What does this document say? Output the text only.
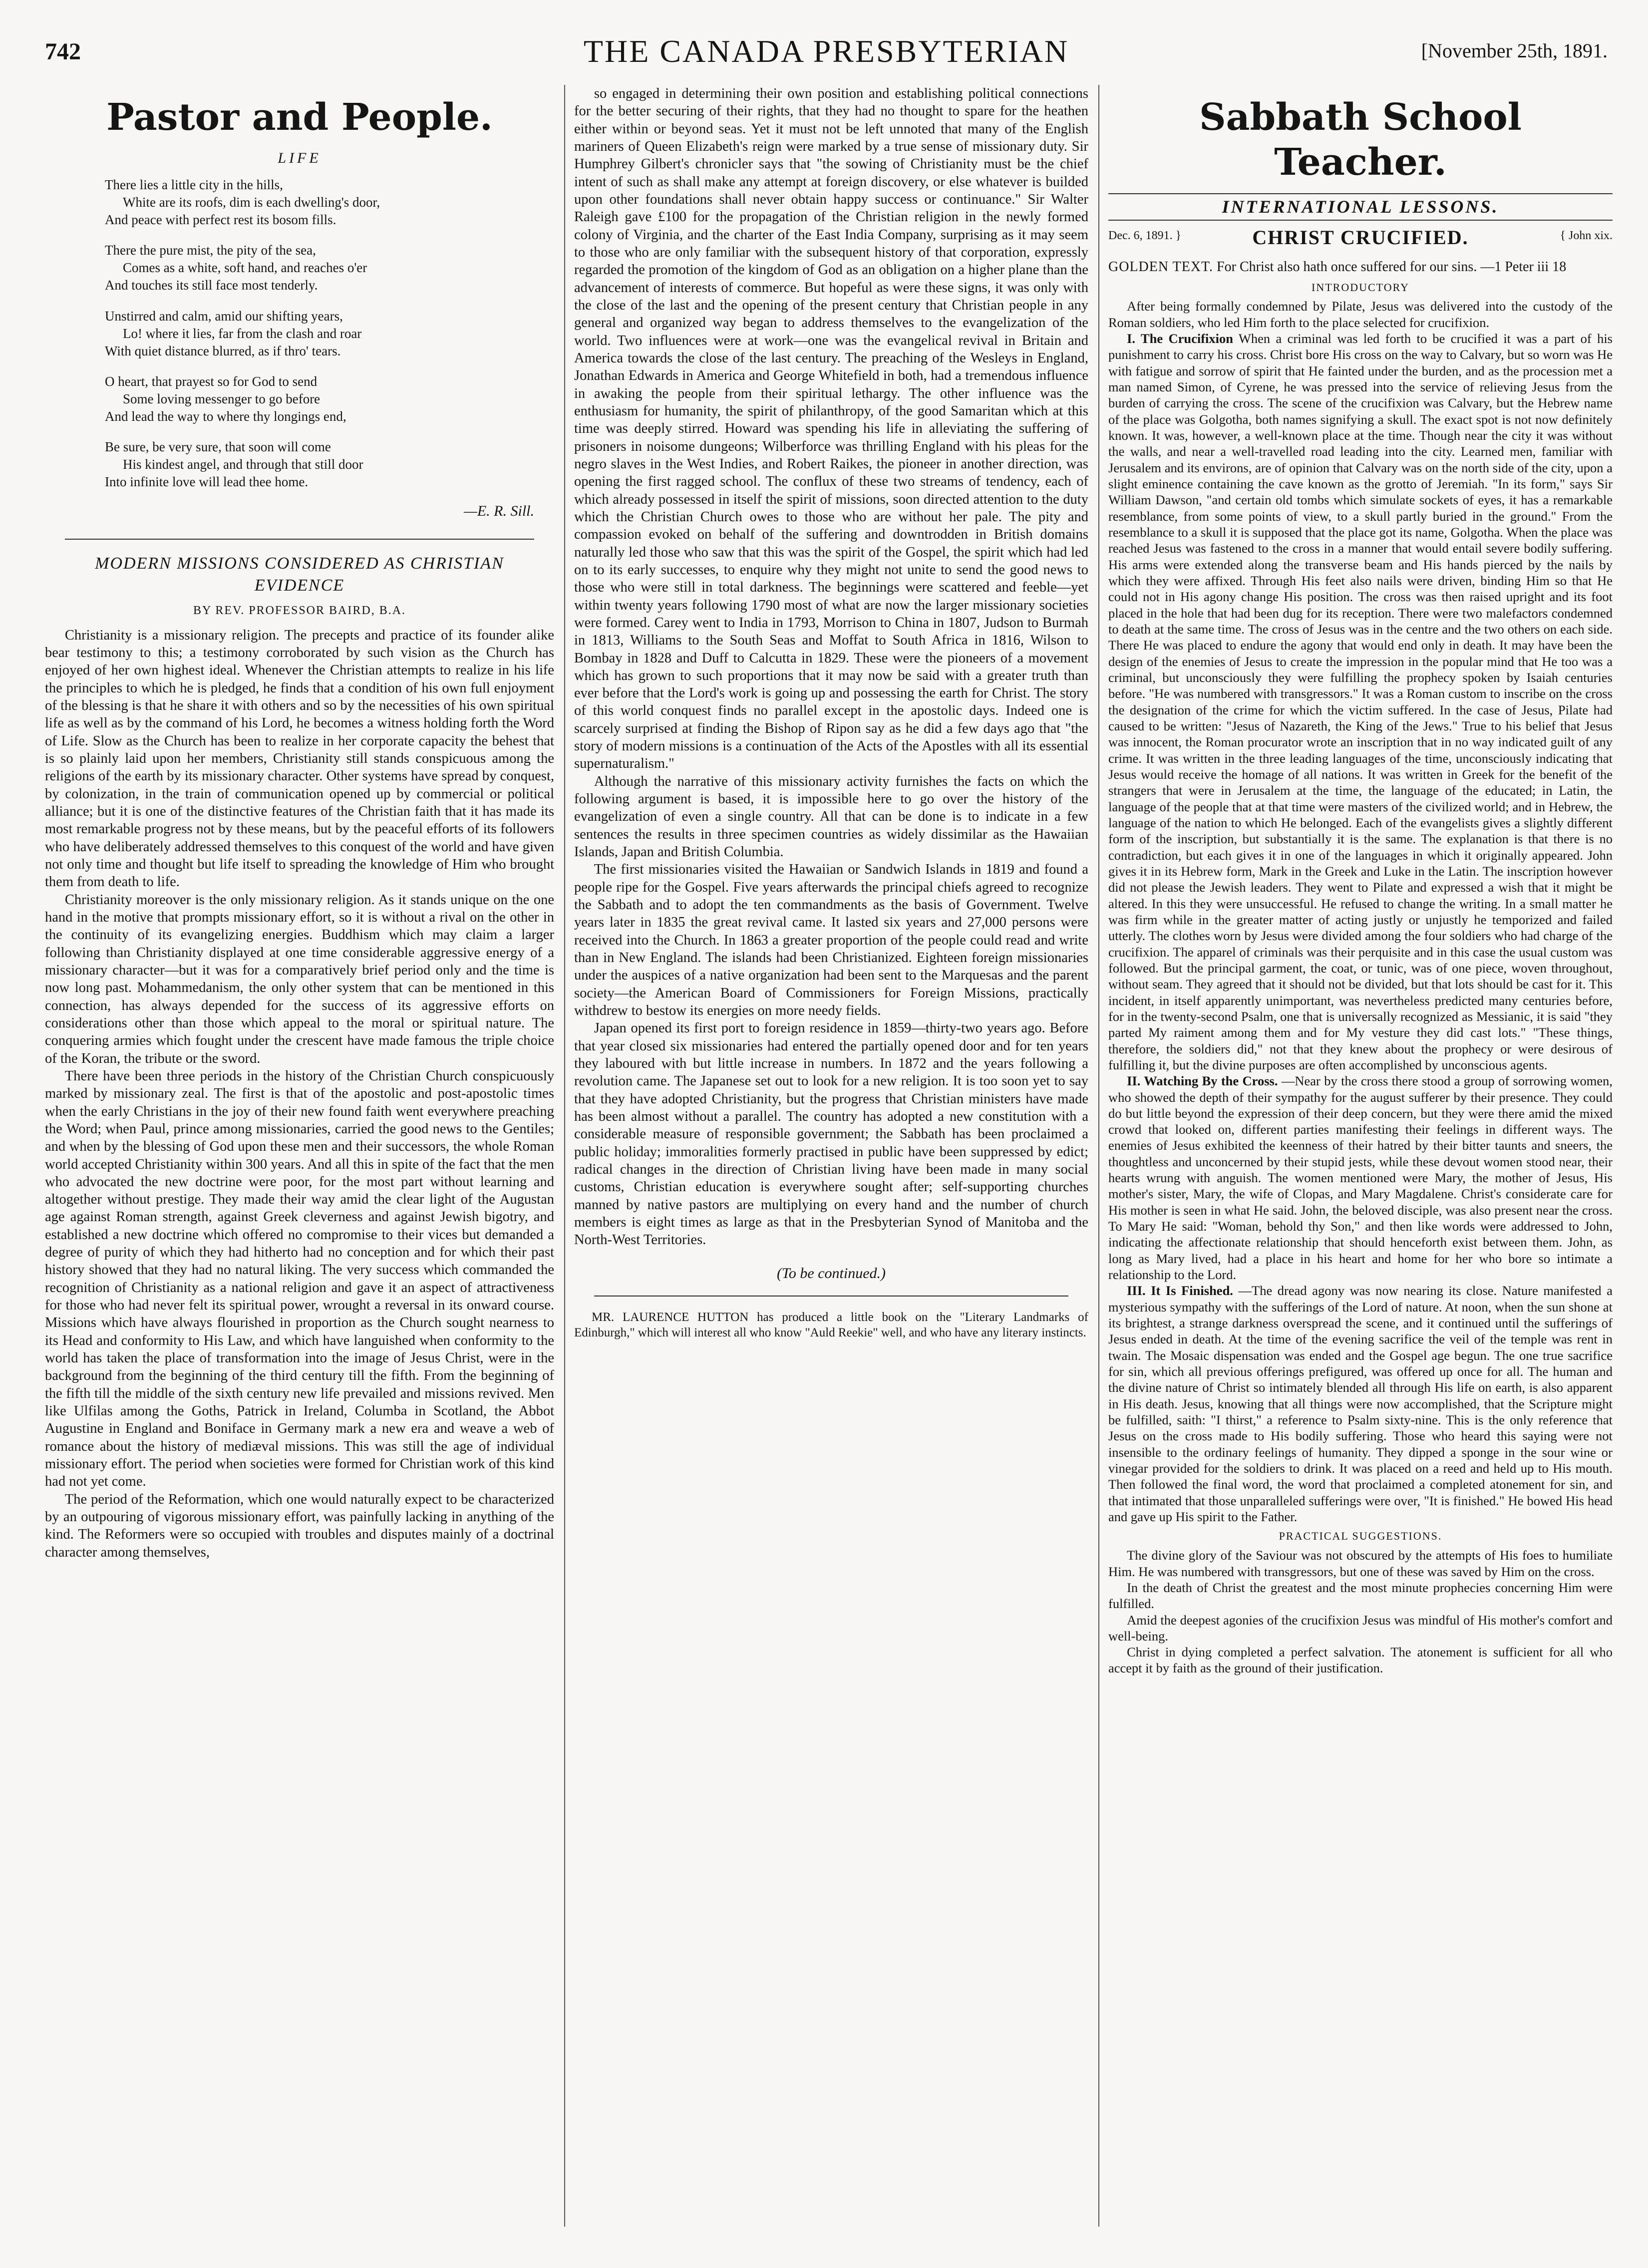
742	THE CANADA PRESBYTERIAN	[November 25th, 1891.
Pastor and People.
LIFE
There lies a little city in the hills,
White are its roofs, dim is each dwelling's door,
And peace with perfect rest its bosom fills.
There the pure mist, the pity of the sea,
Comes as a white, soft hand, and reaches o'er
And touches its still face most tenderly.
Unstirred and calm, amid our shifting years,
Lo! where it lies, far from the clash and roar
With quiet distance blurred, as if thro' tears.
O heart, that prayest so for God to send
Some loving messenger to go before
And lead the way to where thy longings end,
Be sure, be very sure, that soon will come
His kindest angel, and through that still door
Into infinite love will lead thee home.
—E. R. Sill.
MODERN MISSIONS CONSIDERED AS CHRISTIAN EVIDENCE
BY REV. PROFESSOR BAIRD, B.A.

Christianity is a missionary religion. The precepts and practice of its founder alike bear testimony to this; a testimony corroborated by such vision as the Church has enjoyed of her own highest ideal. Whenever the Christian attempts to realize in his life the principles to which he is pledged, he finds that a condition of his own full enjoyment of the blessing is that he share it with others and so by the necessities of his own spiritual life as well as by the command of his Lord, he becomes a witness holding forth the Word of Life. Slow as the Church has been to realize in her corporate capacity the behest that is so plainly laid upon her members, Christianity still stands conspicuous among the religions of the earth by its missionary character. Other systems have spread by conquest, by colonization, in the train of communication opened up by commercial or political alliance; but it is one of the distinctive features of the Christian faith that it has made its most remarkable progress not by these means, but by the peaceful efforts of its followers who have deliberately addressed themselves to this conquest of the world and have given not only time and thought but life itself to spreading the knowledge of Him who brought them from death to life.

Christianity moreover is the only missionary religion. As it stands unique on the one hand in the motive that prompts missionary effort, so it is without a rival on the other in the continuity of its evangelizing energies. Buddhism which may claim a larger following than Christianity displayed at one time considerable aggressive energy of a missionary character—but it was for a comparatively brief period only and the time is now long past. Mohammedanism, the only other system that can be mentioned in this connection, has always depended for the success of its aggressive efforts on considerations other than those which appeal to the moral or spiritual nature. The conquering armies which fought under the crescent have made famous the triple choice of the Koran, the tribute or the sword.

There have been three periods in the history of the Christian Church conspicuously marked by missionary zeal. The first is that of the apostolic and post-apostolic times when the early Christians in the joy of their new found faith went everywhere preaching the Word; when Paul, prince among missionaries, carried the good news to the Gentiles; and when by the blessing of God upon these men and their successors, the whole Roman world accepted Christianity within 300 years. And all this in spite of the fact that the men who advocated the new doctrine were poor, for the most part without learning and altogether without prestige. They made their way amid the clear light of the Augustan age against Roman strength, against Greek cleverness and against Jewish bigotry, and established a new doctrine which offered no compromise to their vices but demanded a degree of purity of which they had hitherto had no conception and for which their past history showed that they had no natural liking. The very success which commanded the recognition of Christianity as a national religion and gave it an aspect of attractiveness for those who had never felt its spiritual power, wrought a reversal in its onward course. Missions which have always flourished in proportion as the Church sought nearness to its Head and conformity to His Law, and which have languished when conformity to the world has taken the place of transformation into the image of Jesus Christ, were in the background from the beginning of the third century till the fifth. From the beginning of the fifth till the middle of the sixth century new life prevailed and missions revived. Men like Ulfilas among the Goths, Patrick in Ireland, Columba in Scotland, the Abbot Augustine in England and Boniface in Germany mark a new era and weave a web of romance about the history of mediæval missions. This was still the age of individual missionary effort. The period when societies were formed for Christian work of this kind had not yet come.

The period of the Reformation, which one would naturally expect to be characterized by an outpouring of vigorous missionary effort, was painfully lacking in anything of the kind. The Reformers were so occupied with troubles and disputes mainly of a doctrinal character among themselves,

so engaged in determining their own position and establishing political connections for the better securing of their rights, that they had no thought to spare for the heathen either within or beyond seas. Yet it must not be left unnoted that many of the English mariners of Queen Elizabeth's reign were marked by a true sense of missionary duty. Sir Humphrey Gilbert's chronicler says that "the sowing of Christianity must be the chief intent of such as shall make any attempt at foreign discovery, or else whatever is builded upon other foundations shall never obtain happy success or continuance." Sir Walter Raleigh gave £100 for the propagation of the Christian religion in the newly formed colony of Virginia, and the charter of the East India Company, surprising as it may seem to those who are only familiar with the subsequent history of that corporation, expressly regarded the promotion of the kingdom of God as an obligation on a higher plane than the advancement of interests of commerce. But hopeful as were these signs, it was only with the close of the last and the opening of the present century that Christian people in any general and organized way began to address themselves to the evangelization of the world. Two influences were at work—one was the evangelical revival in Britain and America towards the close of the last century. The preaching of the Wesleys in England, Jonathan Edwards in America and George Whitefield in both, had a tremendous influence in awaking the people from their spiritual lethargy. The other influence was the enthusiasm for humanity, the spirit of philanthropy, of the good Samaritan which at this time was deeply stirred. Howard was spending his life in alleviating the suffering of prisoners in noisome dungeons; Wilberforce was thrilling England with his pleas for the negro slaves in the West Indies, and Robert Raikes, the pioneer in another direction, was opening the first ragged school. The conflux of these two streams of tendency, each of which already possessed in itself the spirit of missions, soon directed attention to the duty which the Christian Church owes to those who are without her pale. The pity and compassion evoked on behalf of the suffering and downtrodden in British domains naturally led those who saw that this was the spirit of the Gospel, the spirit which had led on to its early successes, to enquire why they might not unite to send the good news to those who were still in total darkness. The beginnings were scattered and feeble—yet within twenty years following 1790 most of what are now the larger missionary societies were formed. Carey went to India in 1793, Morrison to China in 1807, Judson to Burmah in 1813, Williams to the South Seas and Moffat to South Africa in 1816, Wilson to Bombay in 1828 and Duff to Calcutta in 1829. These were the pioneers of a movement which has grown to such proportions that it may now be said with a greater truth than ever before that the Lord's work is going up and possessing the earth for Christ. The story of this world conquest finds no parallel except in the apostolic days. Indeed one is scarcely surprised at finding the Bishop of Ripon say as he did a few days ago that "the story of modern missions is a continuation of the Acts of the Apostles with all its essential supernaturalism."

Although the narrative of this missionary activity furnishes the facts on which the following argument is based, it is impossible here to go over the history of the evangelization of even a single country. All that can be done is to indicate in a few sentences the results in three specimen countries as widely dissimilar as the Hawaiian Islands, Japan and British Columbia.

The first missionaries visited the Hawaiian or Sandwich Islands in 1819 and found a people ripe for the Gospel. Five years afterwards the principal chiefs agreed to recognize the Sabbath and to adopt the ten commandments as the basis of Government. Twelve years later in 1835 the great revival came. It lasted six years and 27,000 persons were received into the Church. In 1863 a greater proportion of the people could read and write than in New England. The islands had been Christianized. Eighteen foreign missionaries under the auspices of a native organization had been sent to the Marquesas and the parent society—the American Board of Commissioners for Foreign Missions, practically withdrew to bestow its energies on more needy fields.

Japan opened its first port to foreign residence in 1859—thirty-two years ago. Before that year closed six missionaries had entered the partially opened door and for ten years they laboured with but little increase in numbers. In 1872 and the years following a revolution came. The Japanese set out to look for a new religion. It is too soon yet to say that they have adopted Christianity, but the progress that Christian ministers have made has been almost without a parallel. The country has adopted a new constitution with a considerable measure of responsible government; the Sabbath has been proclaimed a public holiday; immoralities formerly practised in public have been suppressed by edict; radical changes in the direction of Christian living have been made in many social customs, Christian education is everywhere sought after; self-supporting churches manned by native pastors are multiplying on every hand and the number of church members is eight times as large as that in the Presbyterian Synod of Manitoba and the North-West Territories.

(To be continued.)
MR. LAURENCE HUTTON has produced a little book on the "Literary Landmarks of Edinburgh," which will interest all who know "Auld Reekie" well, and who have any literary instincts.
Sabbath School Teacher.
INTERNATIONAL LESSONS.
Dec. 6, 1891. }	CHRIST CRUCIFIED.	{ John xix.

GOLDEN TEXT. For Christ also hath once suffered for our sins. —1 Peter iii 18

INTRODUCTORY

After being formally condemned by Pilate, Jesus was delivered into the custody of the Roman soldiers, who led Him forth to the place selected for crucifixion.

I. The Crucifixion When a criminal was led forth to be crucified it was a part of his punishment to carry his cross. Christ bore His cross on the way to Calvary, but so worn was He with fatigue and sorrow of spirit that He fainted under the burden, and as the procession met a man named Simon, of Cyrene, he was pressed into the service of relieving Jesus from the burden of carrying the cross. The scene of the crucifixion was Calvary, but the Hebrew name of the place was Golgotha, both names signifying a skull. The exact spot is not now definitely known. It was, however, a well-known place at the time. Though near the city it was without the walls, and near a well-travelled road leading into the city. Learned men, familiar with Jerusalem and its environs, are of opinion that Calvary was on the north side of the city, upon a slight eminence containing the cave known as the grotto of Jeremiah. "In its form," says Sir William Dawson, "and certain old tombs which simulate sockets of eyes, it has a remarkable resemblance, from some points of view, to a skull partly buried in the ground." From the resemblance to a skull it is supposed that the place got its name, Golgotha. When the place was reached Jesus was fastened to the cross in a manner that would entail severe bodily suffering. His arms were extended along the transverse beam and His hands pierced by the nails by which they were affixed. Through His feet also nails were driven, binding Him so that He could not in His agony change His position. The cross was then raised upright and its foot placed in the hole that had been dug for its reception. There were two malefactors condemned to death at the same time. The cross of Jesus was in the centre and the two others on each side. There He was placed to endure the agony that would end only in death. It may have been the design of the enemies of Jesus to create the impression in the popular mind that He too was a criminal, but unconsciously they were fulfilling the prophecy spoken by Isaiah centuries before. "He was numbered with transgressors." It was a Roman custom to inscribe on the cross the designation of the crime for which the victim suffered. In the case of Jesus, Pilate had caused to be written: "Jesus of Nazareth, the King of the Jews." True to his belief that Jesus was innocent, the Roman procurator wrote an inscription that in no way indicated guilt of any crime. It was written in the three leading languages of the time, unconsciously indicating that Jesus would receive the homage of all nations. It was written in Greek for the benefit of the strangers that were in Jerusalem at the time, the language of the educated; in Latin, the language of the people that at that time were masters of the civilized world; and in Hebrew, the language of the nation to which He belonged. Each of the evangelists gives a slightly different form of the inscription, but substantially it is the same. The explanation is that there is no contradiction, but each gives it in one of the languages in which it originally appeared. John gives it in its Hebrew form, Mark in the Greek and Luke in the Latin. The inscription however did not please the Jewish leaders. They went to Pilate and expressed a wish that it might be altered. In this they were unsuccessful. He refused to change the writing. In a small matter he was firm while in the greater matter of acting justly or unjustly he temporized and failed utterly. The clothes worn by Jesus were divided among the four soldiers who had charge of the crucifixion. The apparel of criminals was their perquisite and in this case the usual custom was followed. But the principal garment, the coat, or tunic, was of one piece, woven throughout, without seam. They agreed that it should not be divided, but that lots should be cast for it. This incident, in itself apparently unimportant, was nevertheless predicted many centuries before, for in the twenty-second Psalm, one that is universally recognized as Messianic, it is said "they parted My raiment among them and for My vesture they did cast lots." "These things, therefore, the soldiers did," not that they knew about the prophecy or were desirous of fulfilling it, but the divine purposes are often accomplished by unconscious agents.

II. Watching By the Cross. —Near by the cross there stood a group of sorrowing women, who showed the depth of their sympathy for the august sufferer by their presence. They could do but little beyond the expression of their deep concern, but they were there amid the mixed crowd that looked on, different parties manifesting their feelings in different ways. The enemies of Jesus exhibited the keenness of their hatred by their bitter taunts and sneers, the thoughtless and unconcerned by their stupid jests, while these devout women stood near, their hearts wrung with anguish. The women mentioned were Mary, the mother of Jesus, His mother's sister, Mary, the wife of Clopas, and Mary Magdalene. Christ's considerate care for His mother is seen in what He said. John, the beloved disciple, was also present near the cross. To Mary He said: "Woman, behold thy Son," and then like words were addressed to John, indicating the affectionate relationship that should henceforth exist between them. John, as long as Mary lived, had a place in his heart and home for her who bore so intimate a relationship to the Lord.

III. It Is Finished. —The dread agony was now nearing its close. Nature manifested a mysterious sympathy with the sufferings of the Lord of nature. At noon, when the sun shone at its brightest, a strange darkness overspread the scene, and it continued until the sufferings of Jesus ended in death. At the time of the evening sacrifice the veil of the temple was rent in twain. The Mosaic dispensation was ended and the Gospel age begun. The one true sacrifice for sin, which all previous offerings prefigured, was offered up once for all. The human and the divine nature of Christ so intimately blended all through His life on earth, is also apparent in His death. Jesus, knowing that all things were now accomplished, that the Scripture might be fulfilled, saith: "I thirst," a reference to Psalm sixty-nine. This is the only reference that Jesus on the cross made to His bodily suffering. Those who heard this saying were not insensible to the ordinary feelings of humanity. They dipped a sponge in the sour wine or vinegar provided for the soldiers to drink. It was placed on a reed and held up to His mouth. Then followed the final word, the word that proclaimed a completed atonement for sin, and that intimated that those unparalleled sufferings were over, "It is finished." He bowed His head and gave up His spirit to the Father.

PRACTICAL SUGGESTIONS.

The divine glory of the Saviour was not obscured by the attempts of His foes to humiliate Him. He was numbered with transgressors, but one of these was saved by Him on the cross.

In the death of Christ the greatest and the most minute prophecies concerning Him were fulfilled.

Amid the deepest agonies of the crucifixion Jesus was mindful of His mother's comfort and well-being.

Christ in dying completed a perfect salvation. The atonement is sufficient for all who accept it by faith as the ground of their justification.
